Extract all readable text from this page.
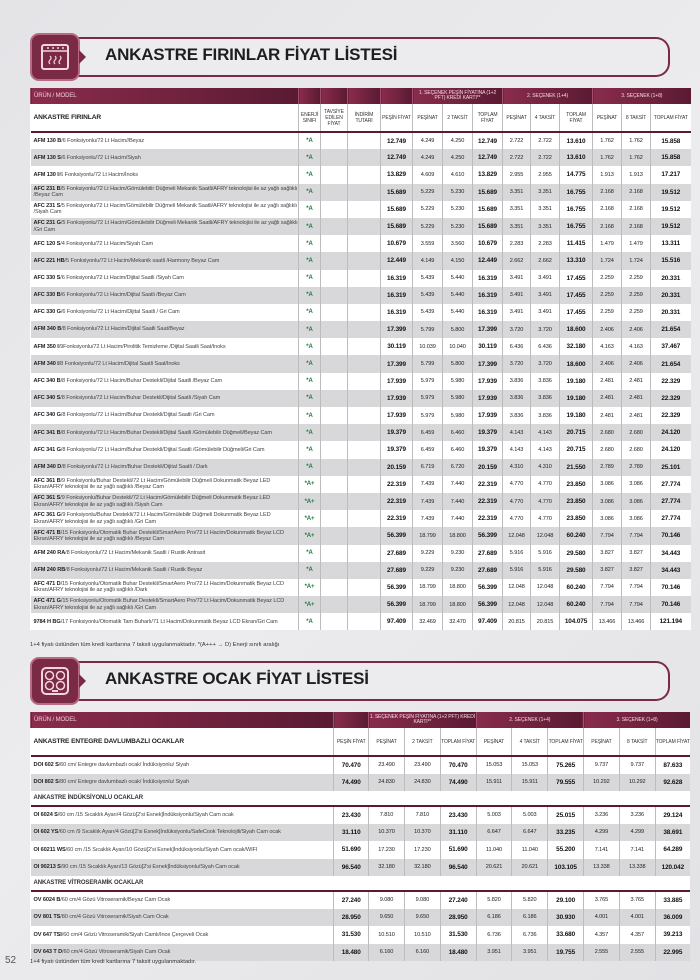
ANKASTRE FIRINLAR FİYAT LİSTESİ
ÜRÜN / MODEL					1. SEÇENEK PEŞİN FİYATINA (1+2 PFT) KREDİ KARTI**			2. SEÇENEK (1+4)			3. SEÇENEK (1+8)		
ANKASTRE FIRINLAR	ENERJİ SINIFI	TAVSİYE EDİLEN FİYAT	İNDİRİM TUTARI	PEŞİN FİYAT	PEŞİNAT	2 TAKSİT	TOPLAM FİYAT	PEŞİNAT	4 TAKSİT	TOPLAM FİYAT	PEŞİNAT	8 TAKSİT	TOPLAM FİYAT
AFM 130 B/6 Fonksiyonlu/72 Lt Hacim//Beyaz	*A			12.749	4.249	4.250	12.749	2.722	2.722	13.610	1.762	1.762	15.858
AFM 130 S/6 Fonksiyonlu/72 Lt Hacim/Siyah	*A			12.749	4.249	4.250	12.749	2.722	2.722	13.610	1.762	1.762	15.858
AFM 130 I/6 Fonksiyonlu/72 Lt Hacim/İnoks	*A			13.829	4.609	4.610	13.829	2.955	2.955	14.775	1.913	1.913	17.217
AFC 231 B/5 Fonksiyonlu/72 Lt Hacim/Gömülebilir Düğmeli Mekanik Saatli/AFRY teknolojisi ile az yağlı sağlıklı /Beyaz Cam	*A			15.689	5.229	5.230	15.689	3.351	3.351	16.755	2.168	2.168	19.512
AFC 231 S/5 Fonksiyonlu/72 Lt Hacim/Gömülebilir Düğmeli Mekanik Saatli/AFRY teknolojisi ile az yağlı sağlıklı /Siyah Cam	*A			15.689	5.229	5.230	15.689	3.351	3.351	16.755	2.168	2.168	19.512
AFC 231 G/5 Fonksiyonlu/72 Lt Hacim/Gömülebilir Düğmeli Mekanik Saatli/AFRY teknolojisi ile az yağlı sağlıklı /Gri Cam	*A			15.689	5.229	5.230	15.689	3.351	3.351	16.755	2.168	2.168	19.512
AFC 120 S/4 Fonksiyonlu/72 Lt Hacim/Siyah Cam	*A			10.679	3.559	3.560	10.679	2.283	2.283	11.415	1.479	1.479	13.311
AFC 221 HB/5 Fonksiyonlu/72 Lt Hacim/Mekanik saatli /Harmony Beyaz Cam	*A			12.449	4.149	4.150	12.449	2.662	2.662	13.310	1.724	1.724	15.516
AFC 330 S/6 Fonksiyonlu/72 Lt Hacim/Dijital Saatli /Siyah Cam	*A			16.319	5.439	5.440	16.319	3.491	3.491	17.455	2.259	2.259	20.331
AFC 330 B/6 Fonksiyonlu/72 Lt Hacim/Dijital Saatli /Beyaz Cam	*A			16.319	5.439	5.440	16.319	3.491	3.491	17.455	2.259	2.259	20.331
AFC 330 G/6 Fonksiyonlu/72 Lt Hacim/Dijital Saatli / Gri Cam	*A			16.319	5.439	5.440	16.319	3.491	3.491	17.455	2.259	2.259	20.331
AFM 340 B/8 Fonksiyonlu/72 Lt Hacim/Dijital Saatli Saat/Beyaz	*A			17.399	5.799	5.800	17.399	3.720	3.720	18.600	2.406	2.406	21.654
AFM 350 I/9Fonksiyonlu/72 Lt Hacim/Pirolitik Temizleme /Dijital Saatli Saat/Inoks	*A			30.119	10.039	10.040	30.119	6.436	6.436	32.180	4.163	4.163	37.467
AFM 340 I/8 Fonksiyonlu/72 Lt Hacim/Dijital Saatli Saat/Inoks	*A			17.399	5.799	5.800	17.399	3.720	3.720	18.600	2.406	2.406	21.654
AFC 340 B/8 Fonksiyonlu/72 Lt Hacim/Buhar Destekli/Dijital Saatli /Beyaz Cam	*A			17.939	5.979	5.980	17.939	3.836	3.836	19.180	2.481	2.481	22.329
AFC 340 S/8 Fonksiyonlu/72 Lt Hacim/Buhar Destekli/Dijital Saatli /Siyah Cam	*A			17.939	5.979	5.980	17.939	3.836	3.836	19.180	2.481	2.481	22.329
AFC 340 G/8 Fonksiyonlu/72 Lt Hacim/Buhar Destekli/Dijital Saatli /Gri Cam	*A			17.939	5.979	5.980	17.939	3.836	3.836	19.180	2.481	2.481	22.329
AFC 341 B/8 Fonksiyonlu/72 Lt Hacim/Buhar Destekli/Dijital Saatli /Gömülebilir Düğmeli/Beyaz Cam	*A			19.379	6.459	6.460	19.379	4.143	4.143	20.715	2.680	2.680	24.120
AFC 341 G/8 Fonksiyonlu/72 Lt Hacim/Buhar Destekli/Dijital Saatli /Gömülebilir Düğmeli/Gri Cam	*A			19.379	6.459	6.460	19.379	4.143	4.143	20.715	2.680	2.680	24.120
AFM 340 D/8 Fonksiyonlu/72 Lt Hacim/Buhar Destekli/Dijital Saatli / Dark	*A			20.159	6.719	6.720	20.159	4.310	4.310	21.550	2.789	2.789	25.101
AFC 361 B/9 Fonksiyonlu/Buhar Destekli/72 Lt Hacim/Gömülebilir Düğmeli Dokunmatik Beyaz LED Ekran/AFRY teknolojisi ile az yağlı sağlıklı /Beyaz Cam	*A+			22.319	7.439	7.440	22.319	4.770	4.770	23.850	3.086	3.086	27.774
AFC 361 S/9 Fonksiyonlu/Buhar Destekli/72 Lt Hacim/Gömülebilir Düğmeli Dokunmatik Beyaz LED Ekran/AFRY teknolojisi ile az yağlı sağlıklı /Siyah Cam	*A+			22.319	7.439	7.440	22.319	4.770	4.770	23.850	3.086	3.086	27.774
AFC 361 G/9 Fonksiyonlu/Buhar Destekli/72 Lt Hacim/Gömülebilir Düğmeli Dokunmatik Beyaz LED Ekran/AFRY teknolojisi ile az yağlı sağlıklı /Gri Cam	*A+			22.319	7.439	7.440	22.319	4.770	4.770	23.850	3.086	3.086	27.774
AFC 471 B/15 Fonksiyonlu/Otomatik Buhar Destekli/SmartAero Pro/72 Lt Hacim/Dokunmatik Beyaz LCD Ekran/AFRY teknolojisi ile az yağlı sağlıklı /Beyaz Cam	*A+			56.399	18.799	18.800	56.399	12.048	12.048	60.240	7.794	7.794	70.146
AFM 240 RA/8 Fonksiyonlu/72 Lt Hacim/Mekanik Saatli / Rustik Antrasit	*A			27.689	9.229	9.230	27.689	5.916	5.916	29.580	3.827	3.827	34.443
AFM 240 RB/8 Fonksiyonlu/72 Lt Hacim/Mekanik Saatli / Rustik Beyaz	*A			27.689	9.229	9.230	27.689	5.916	5.916	29.580	3.827	3.827	34.443
AFC 471 D/15 Fonksiyonlu/Otomatik Buhar Destekli/SmartAero Pro/72 Lt Hacim/Dokunmatik Beyaz LCD Ekran/AFRY teknolojisi ile az yağlı sağlıklı /Dark	*A+			56.399	18.799	18.800	56.399	12.048	12.048	60.240	7.794	7.794	70.146
AFC 471 G/15 Fonksiyonlu/Otomatik Buhar Destekli/SmartAero Pro/72 Lt Hacim/Dokunmatik Beyaz LCD Ekran/AFRY teknolojisi ile az yağlı sağlıklı /Gri Cam	*A+			56.399	18.799	18.800	56.399	12.048	12.048	60.240	7.794	7.794	70.146
9784 H BG/17 Fonksiyonlu/Otomatik Tam Buharlı/71 Lt Hacim/Dokunmatik Beyaz LCD Ekran/Gri Cam	*A			97.409	32.469	32.470	97.409	20.815	20.815	104.075	13.466	13.466	121.194
1+4 fiyatı üstünden tüm kredi kartlarına 7 taksit uygulanmaktadır. *(A+++ → D) Enerji sınıfı aralığı
ANKASTRE OCAK FİYAT LİSTESİ
ÜRÜN / MODEL		1. SEÇENEK PEŞİN FİYATINA (1+2 PFT) KREDİ KARTI**			2. SEÇENEK (1+4)			3. SEÇENEK (1+8)		
ANKASTRE ENTEGRE DAVLUMBAZLI OCAKLAR	PEŞİN FİYAT	PEŞİNAT	2 TAKSİT	TOPLAM FİYAT	PEŞİNAT	4 TAKSİT	TOPLAM FİYAT	PEŞİNAT	8 TAKSİT	TOPLAM FİYAT
DOI 602 S/60 cm/ Entegre davlumbazlı ocak/ İndüksiyonlu/ Siyah	70.470	23.490	23.490	70.470	15.053	15.053	75.265	9.737	9.737	87.633
DOI 802 S/80 cm/ Entegre davlumbazlı ocak/ İndüksiyonlu/ Siyah	74.490	24.830	24.830	74.490	15.911	15.911	79.555	10.292	10.292	92.628
ANKASTRE İNDÜKSİYONLU OCAKLAR										
OI 6024 S/60 cm /15 Sıcaklık Ayarı/4 Gözü[2'si Esnek]İndüksiyonlu/Siyah Cam ocak	23.430	7.810	7.810	23.430	5.003	5.003	25.015	3.236	3.236	29.124
OI 602 YS/60 cm /9 Sıcaklık Ayarı/4 Gözü[2'si Esnek]İndüksiyonlu/SafeCook Teknolojili/Siyah Cam ocak	31.110	10.370	10.370	31.110	6.647	6.647	33.235	4.299	4.299	38.691
OI 60211 WS/60 cm /15 Sıcaklık Ayarı/10 Gözü[2'si Esnek]İndüksiyonlu/Siyah Cam ocak/WIFI	51.690	17.230	17.230	51.690	11.040	11.040	55.200	7.141	7.141	64.289
OI 90213 S/90 cm /15 Sıcaklık Ayarı/13 Gözü[2'si Esnek]İndüksiyonlu/Siyah Cam ocak	96.540	32.180	32.180	96.540	20.621	20.621	103.105	13.338	13.338	120.042
ANKASTRE VİTROSERAMİK OCAKLAR										
OV 6024 B/60 cm/4 Gözü Vitroseramik/Beyaz Cam Ocak	27.240	9.080	9.080	27.240	5.820	5.820	29.100	3.765	3.765	33.885
OV 801 TS/80 cm/4 Gözü Vitroseramik/Siyah Cam Ocak	28.950	9.650	9.650	28.950	6.186	6.186	30.930	4.001	4.001	36.009
OV 647 TSI/60 cm/4 Gözü Vitroseramik/Siyah Camlı/Inox Çerçeveli Ocak	31.530	10.510	10.510	31.530	6.736	6.736	33.680	4.357	4.357	39.213
OV 643 T D/60 cm/4 Gözü Vitroseramik/Siyah Cam Ocak	18.480	6.160	6.160	18.480	3.951	3.951	19.755	2.555	2.555	22.995
1+4 fiyatı üstünden tüm kredi kartlarına 7 taksit uygulanmaktadır.
52
